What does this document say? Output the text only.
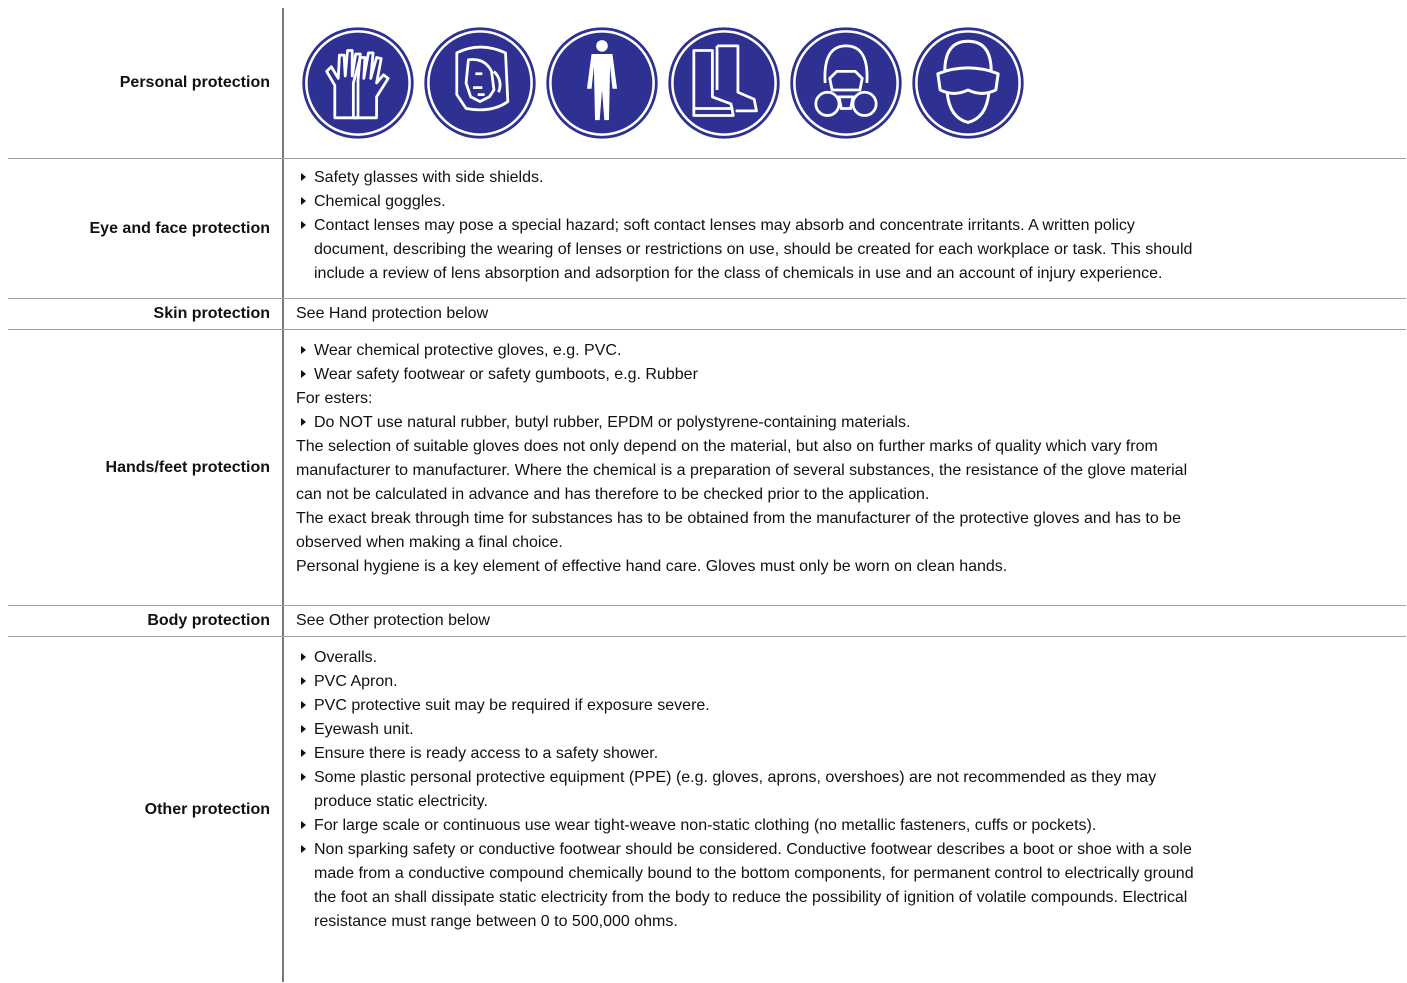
Personal protection
Eye and face protection
Safety glasses with side shields.
Chemical goggles.
Contact lenses may pose a special hazard; soft contact lenses may absorb and concentrate irritants. A written policy
document, describing the wearing of lenses or restrictions on use, should be created for each workplace or task. This should
include a review of lens absorption and adsorption for the class of chemicals in use and an account of injury experience.
Skin protection	See Hand protection below
Hands/feet protection
Wear chemical protective gloves, e.g. PVC.
Wear safety footwear or safety gumboots, e.g. Rubber
For esters:
Do NOT use natural rubber, butyl rubber, EPDM or polystyrene-containing materials.
The selection of suitable gloves does not only depend on the material, but also on further marks of quality which vary from
manufacturer to manufacturer. Where the chemical is a preparation of several substances, the resistance of the glove material
can not be calculated in advance and has therefore to be checked prior to the application.
The exact break through time for substances has to be obtained from the manufacturer of the protective gloves and has to be
observed when making a final choice.
Personal hygiene is a key element of effective hand care. Gloves must only be worn on clean hands.
Body protection	See Other protection below
Other protection
Overalls.
PVC Apron.
PVC protective suit may be required if exposure severe.
Eyewash unit.
Ensure there is ready access to a safety shower.
Some plastic personal protective equipment (PPE) (e.g. gloves, aprons, overshoes) are not recommended as they may
produce static electricity.
For large scale or continuous use wear tight-weave non-static clothing (no metallic fasteners, cuffs or pockets).
Non sparking safety or conductive footwear should be considered. Conductive footwear describes a boot or shoe with a sole
made from a conductive compound chemically bound to the bottom components, for permanent control to electrically ground
the foot an shall dissipate static electricity from the body to reduce the possibility of ignition of volatile compounds. Electrical
resistance must range between 0 to 500,000 ohms.
